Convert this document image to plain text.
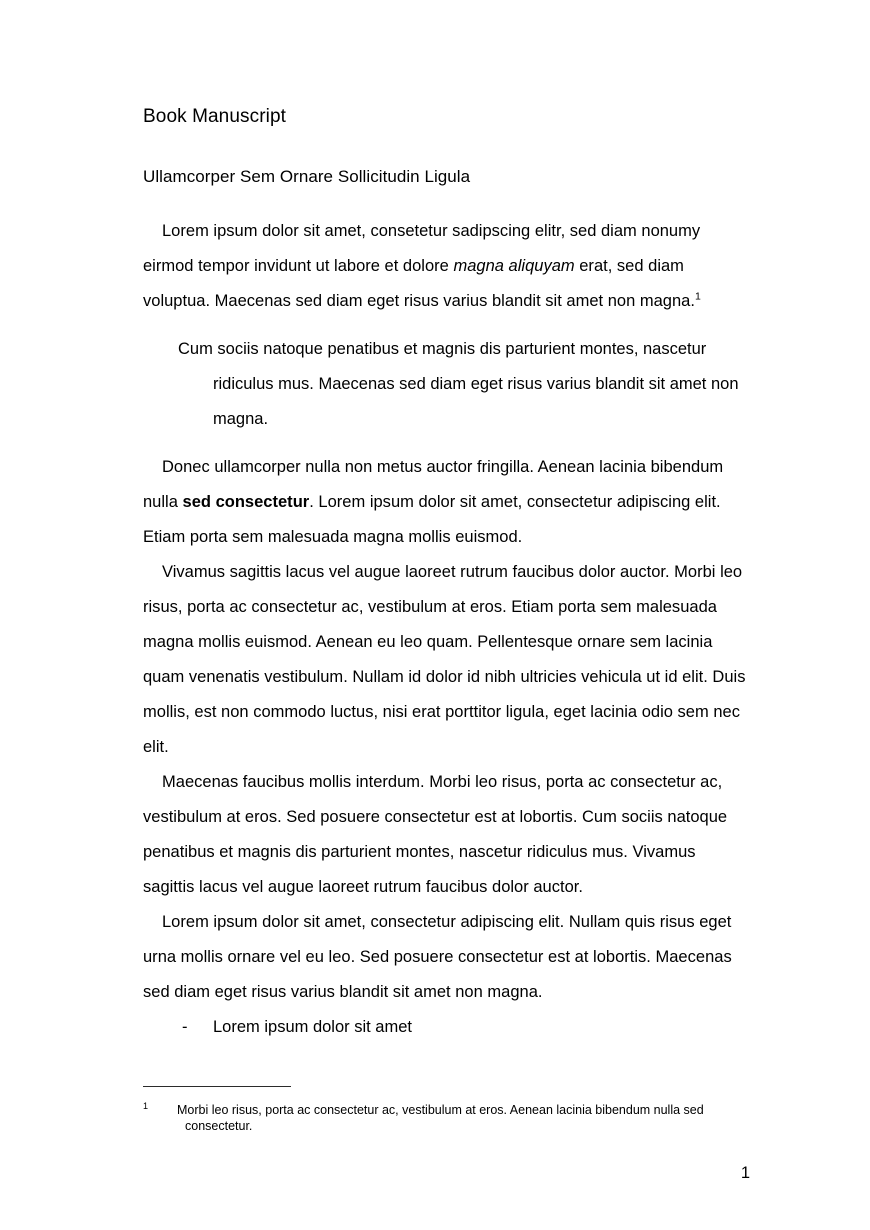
Book Manuscript
Ullamcorper Sem Ornare Sollicitudin Ligula

Lorem ipsum dolor sit amet, consetetur sadipscing elitr, sed diam nonumy eirmod tempor invidunt ut labore et dolore magna aliquyam erat, sed diam voluptua. Maecenas sed diam eget risus varius blandit sit amet non magna.$^1$

Cum sociis natoque penatibus et magnis dis parturient montes, nascetur ridiculus mus. Maecenas sed diam eget risus varius blandit sit amet non magna.

Donec ullamcorper nulla non metus auctor fringilla. Aenean lacinia bibendum nulla sed consectetur. Lorem ipsum dolor sit amet, consectetur adipiscing elit. Etiam porta sem malesuada magna mollis euismod.

Vivamus sagittis lacus vel augue laoreet rutrum faucibus dolor auctor. Morbi leo risus, porta ac consectetur ac, vestibulum at eros. Etiam porta sem malesuada magna mollis euismod. Aenean eu leo quam. Pellentesque ornare sem lacinia quam venenatis vestibulum. Nullam id dolor id nibh ultricies vehicula ut id elit. Duis mollis, est non commodo luctus, nisi erat porttitor ligula, eget lacinia odio sem nec elit.

Maecenas faucibus mollis interdum. Morbi leo risus, porta ac consectetur ac, vestibulum at eros. Sed posuere consectetur est at lobortis. Cum sociis natoque penatibus et magnis dis parturient montes, nascetur ridiculus mus. Vivamus sagittis lacus vel augue laoreet rutrum faucibus dolor auctor.

Lorem ipsum dolor sit amet, consectetur adipiscing elit. Nullam quis risus eget urna mollis ornare vel eu leo. Sed posuere consectetur est at lobortis. Maecenas sed diam eget risus varius blandit sit amet non magna.

-	Lorem ipsum dolor sit amet

$^1$ Morbi leo risus, porta ac consectetur ac, vestibulum at eros. Aenean lacinia bibendum nulla sed consectetur.

1
